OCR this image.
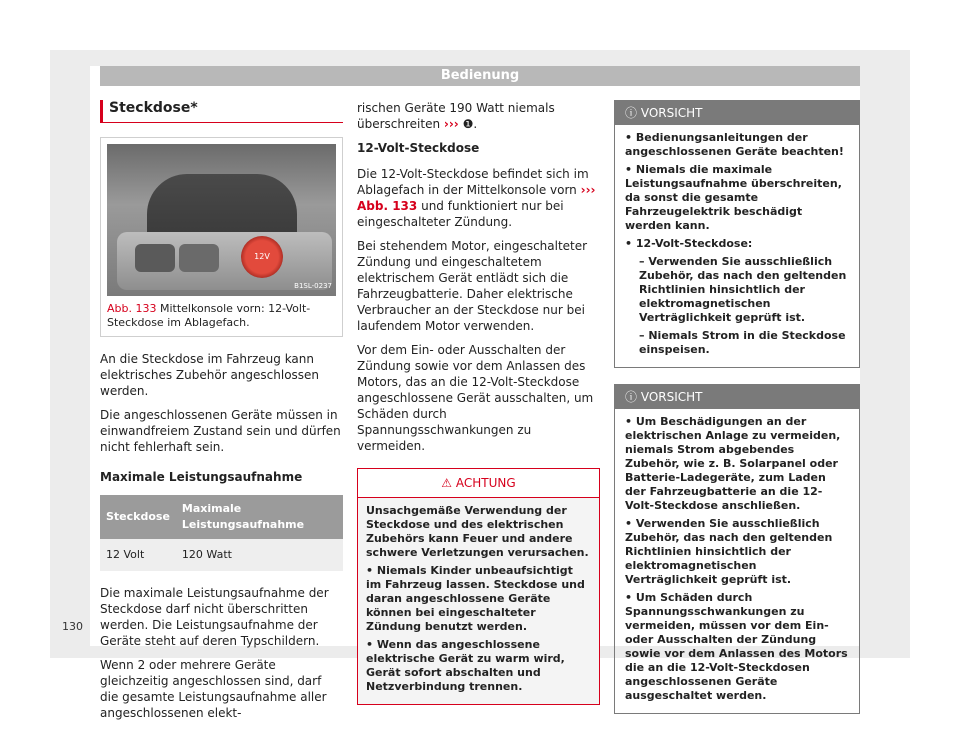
Bedienung
Steckdose*
12V
B1SL-0237
Abb. 133 Mittelkonsole vorn: 12-Volt-Steckdose im Ablagefach.

An die Steckdose im Fahrzeug kann elektrisches Zubehör angeschlossen werden.

Die angeschlossenen Geräte müssen in einwandfreiem Zustand sein und dürfen nicht fehlerhaft sein.

Maximale Leistungsaufnahme
Steckdose	Maximale Leistungsaufnahme
12 Volt	120 Watt

Die maximale Leistungsaufnahme der Steckdose darf nicht überschritten werden. Die Leistungsaufnahme der Geräte steht auf deren Typschildern.

Wenn 2 oder mehrere Geräte gleichzeitig angeschlossen sind, darf die gesamte Leistungsaufnahme aller angeschlossenen elekt-

rischen Geräte 190 Watt niemals überschreiten ››› ❶.

12-Volt-Steckdose

Die 12-Volt-Steckdose befindet sich im Ablagefach in der Mittelkonsole vorn ››› Abb. 133 und funktioniert nur bei eingeschalteter Zündung.

Bei stehendem Motor, eingeschalteter Zündung und eingeschaltetem elektrischem Gerät entlädt sich die Fahrzeugbatterie. Daher elektrische Verbraucher an der Steckdose nur bei laufendem Motor verwenden.

Vor dem Ein- oder Ausschalten der Zündung sowie vor dem Anlassen des Motors, das an die 12-Volt-Steckdose angeschlossene Gerät ausschalten, um Schäden durch Spannungsschwankungen zu vermeiden.

⚠ ACHTUNG

Unsachgemäße Verwendung der Steckdose und des elektrischen Zubehörs kann Feuer und andere schwere Verletzungen verursachen.

• Niemals Kinder unbeaufsichtigt im Fahrzeug lassen. Steckdose und daran angeschlossene Geräte können bei eingeschalteter Zündung benutzt werden.

• Wenn das angeschlossene elektrische Gerät zu warm wird, Gerät sofort abschalten und Netzverbindung trennen.

ⓘ VORSICHT

• Bedienungsanleitungen der angeschlossenen Geräte beachten!

• Niemals die maximale Leistungsaufnahme überschreiten, da sonst die gesamte Fahrzeugelektrik beschädigt werden kann.

• 12-Volt-Steckdose:

– Verwenden Sie ausschließlich Zubehör, das nach den geltenden Richtlinien hinsichtlich der elektromagnetischen Verträglichkeit geprüft ist.

– Niemals Strom in die Steckdose einspeisen.

ⓘ VORSICHT

• Um Beschädigungen an der elektrischen Anlage zu vermeiden, niemals Strom abgebendes Zubehör, wie z. B. Solarpanel oder Batterie-Ladegeräte, zum Laden der Fahrzeugbatterie an die 12-Volt-Steckdose anschließen.

• Verwenden Sie ausschließlich Zubehör, das nach den geltenden Richtlinien hinsichtlich der elektromagnetischen Verträglichkeit geprüft ist.

• Um Schäden durch Spannungsschwankungen zu vermeiden, müssen vor dem Ein- oder Ausschalten der Zündung sowie vor dem Anlassen des Motors die an die 12-Volt-Steckdosen angeschlossenen Geräte ausgeschaltet werden.

130
